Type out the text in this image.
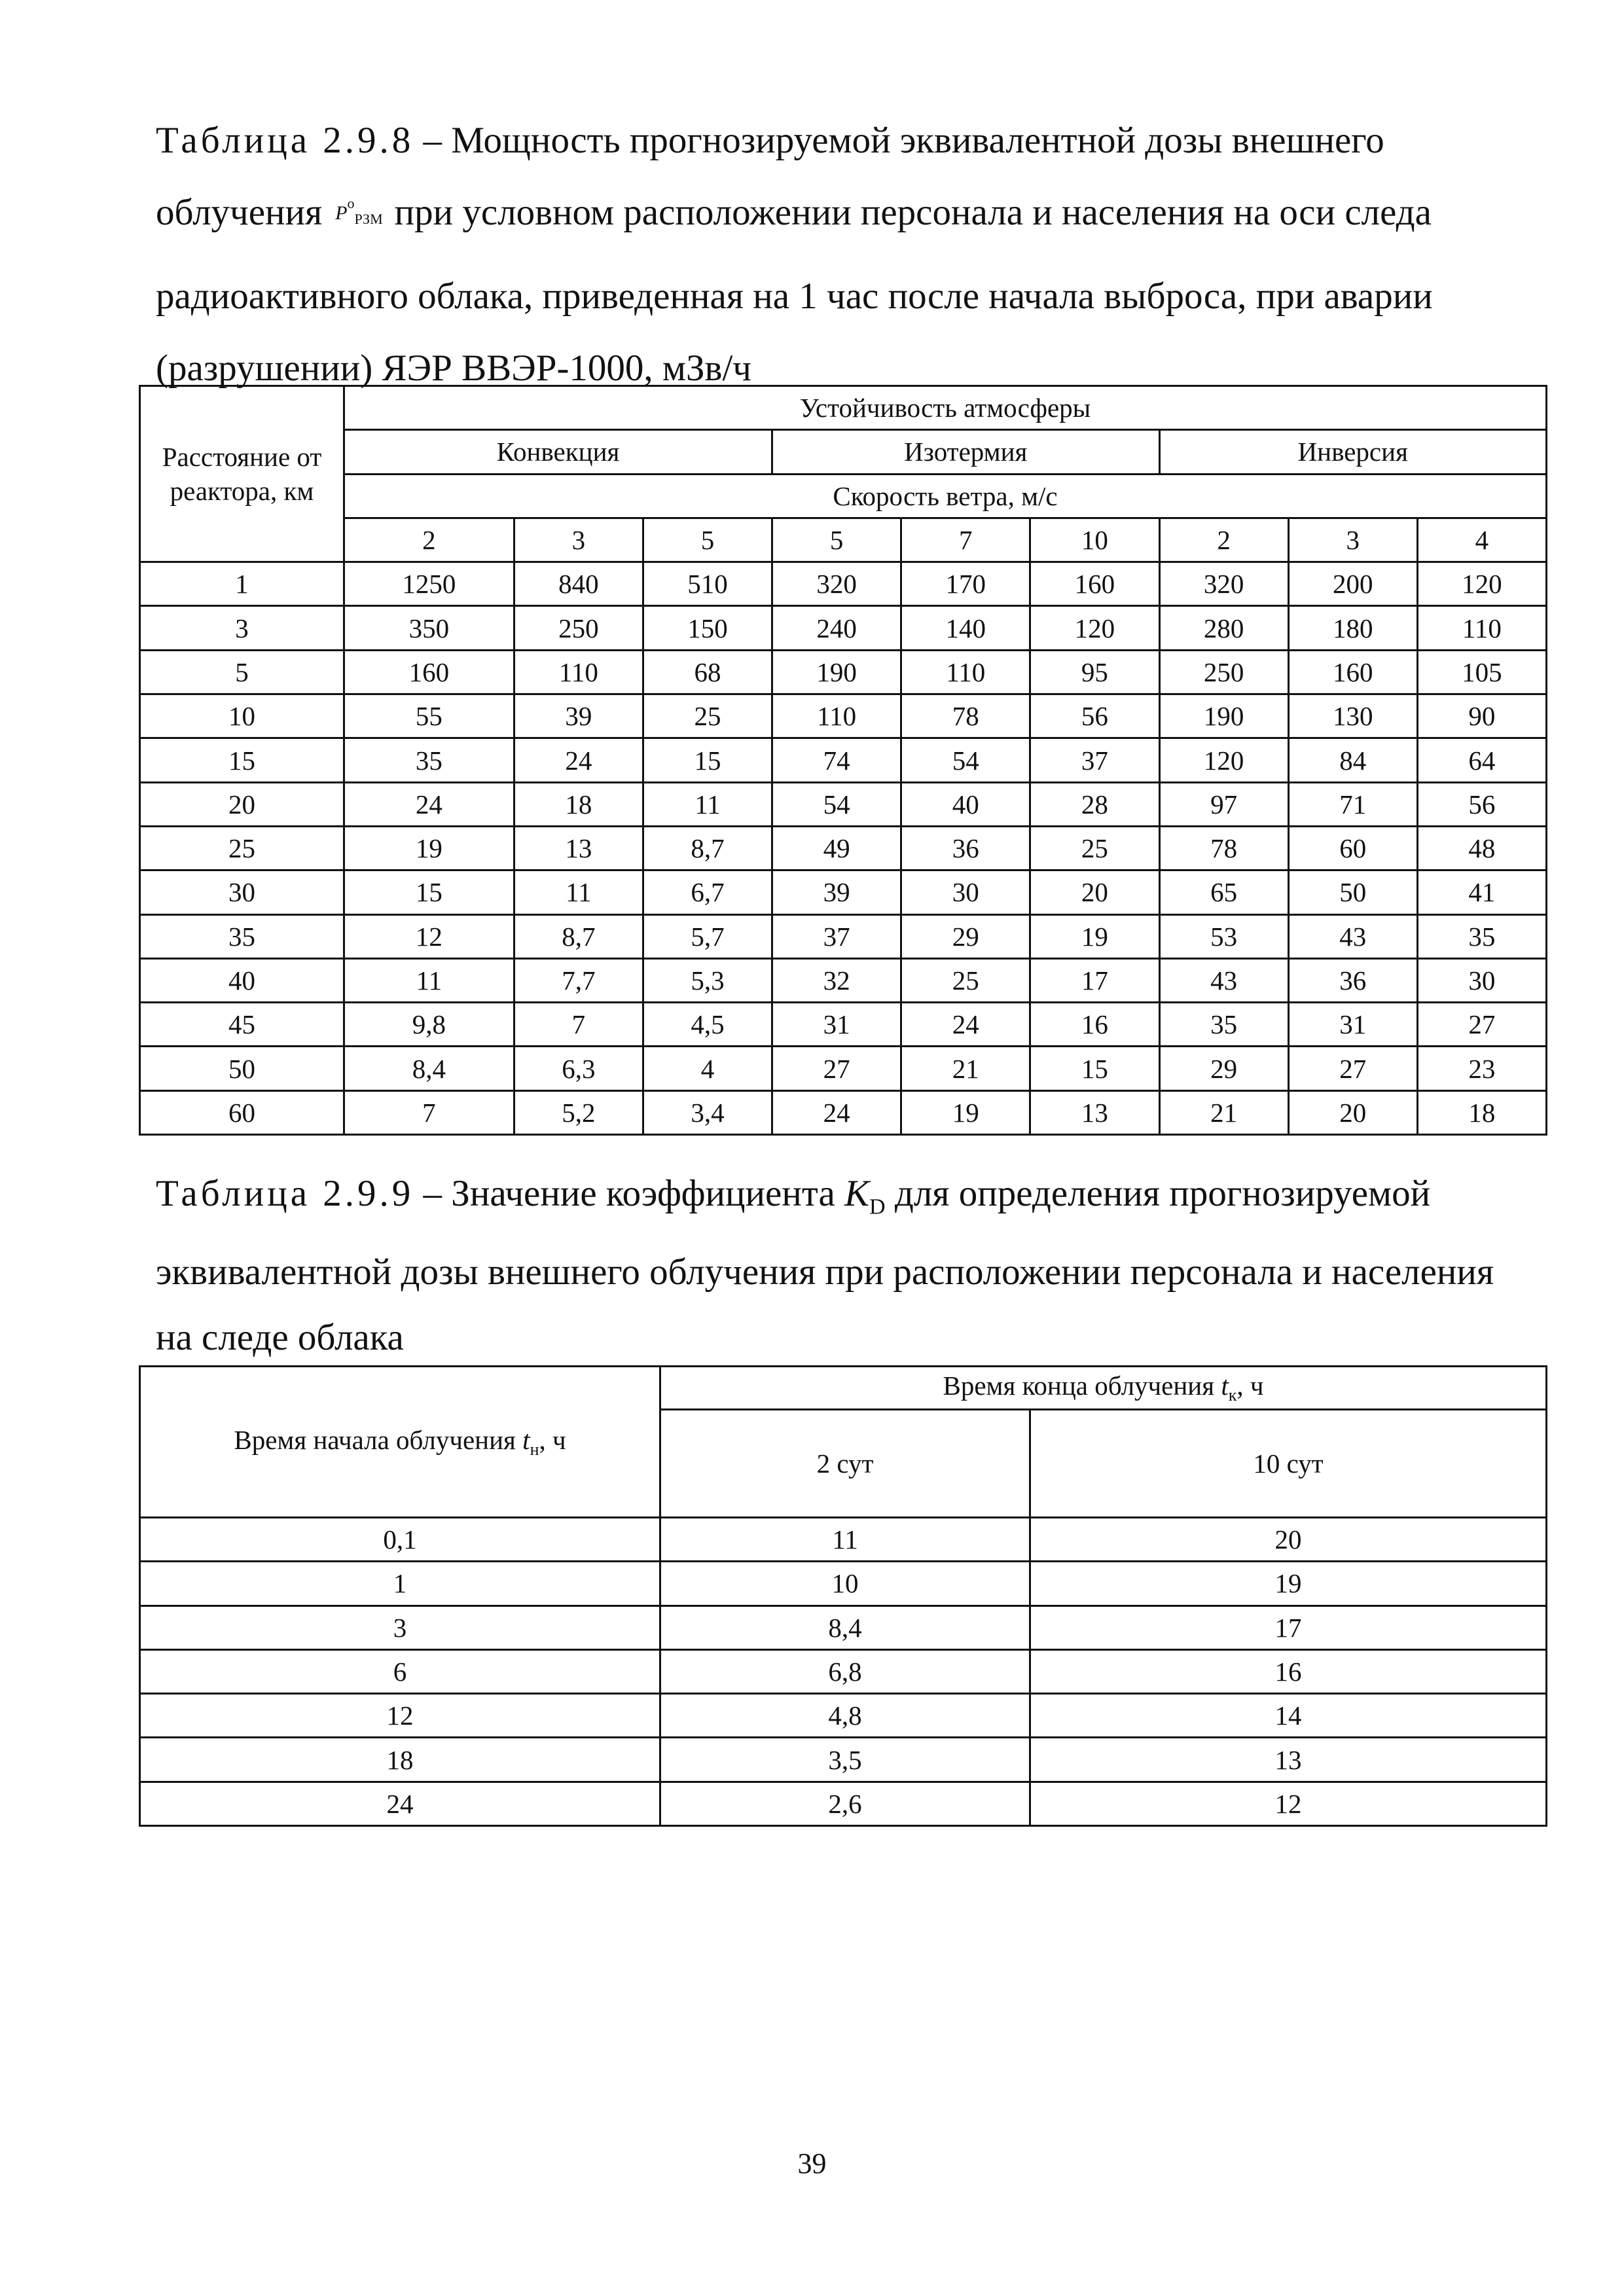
Таблица 2.9.8 – Мощность прогнозируемой эквивалентной дозы внешнего
облучения $P^о_{РЗМ}$ при условном расположении персонала и населения на оси следа
радиоактивного облака, приведенная на 1 час после начала выброса, при аварии
(разрушении) ЯЭР ВВЭР-1000, мЗв/ч
Расстояние от реактора, км	Устойчивость атмосферы								
	Конвекция			Изотермия			Инверсия		
	Скорость ветра, м/с								
	2	3	5	5	7	10	2	3	4
1	1250	840	510	320	170	160	320	200	120
3	350	250	150	240	140	120	280	180	110
5	160	110	68	190	110	95	250	160	105
10	55	39	25	110	78	56	190	130	90
15	35	24	15	74	54	37	120	84	64
20	24	18	11	54	40	28	97	71	56
25	19	13	8,7	49	36	25	78	60	48
30	15	11	6,7	39	30	20	65	50	41
35	12	8,7	5,7	37	29	19	53	43	35
40	11	7,7	5,3	32	25	17	43	36	30
45	9,8	7	4,5	31	24	16	35	31	27
50	8,4	6,3	4	27	21	15	29	27	23
60	7	5,2	3,4	24	19	13	21	20	18
Таблица 2.9.9 – Значение коэффициента $K_D$ для определения прогнозируемой
эквивалентной дозы внешнего облучения при расположении персонала и населения
на следе облака
Время начала облучения $t_н$, ч	Время конца облучения $t_к$, ч	
	2 сут	10 сут
0,1	11	20
1	10	19
3	8,4	17
6	6,8	16
12	4,8	14
18	3,5	13
24	2,6	12
39
